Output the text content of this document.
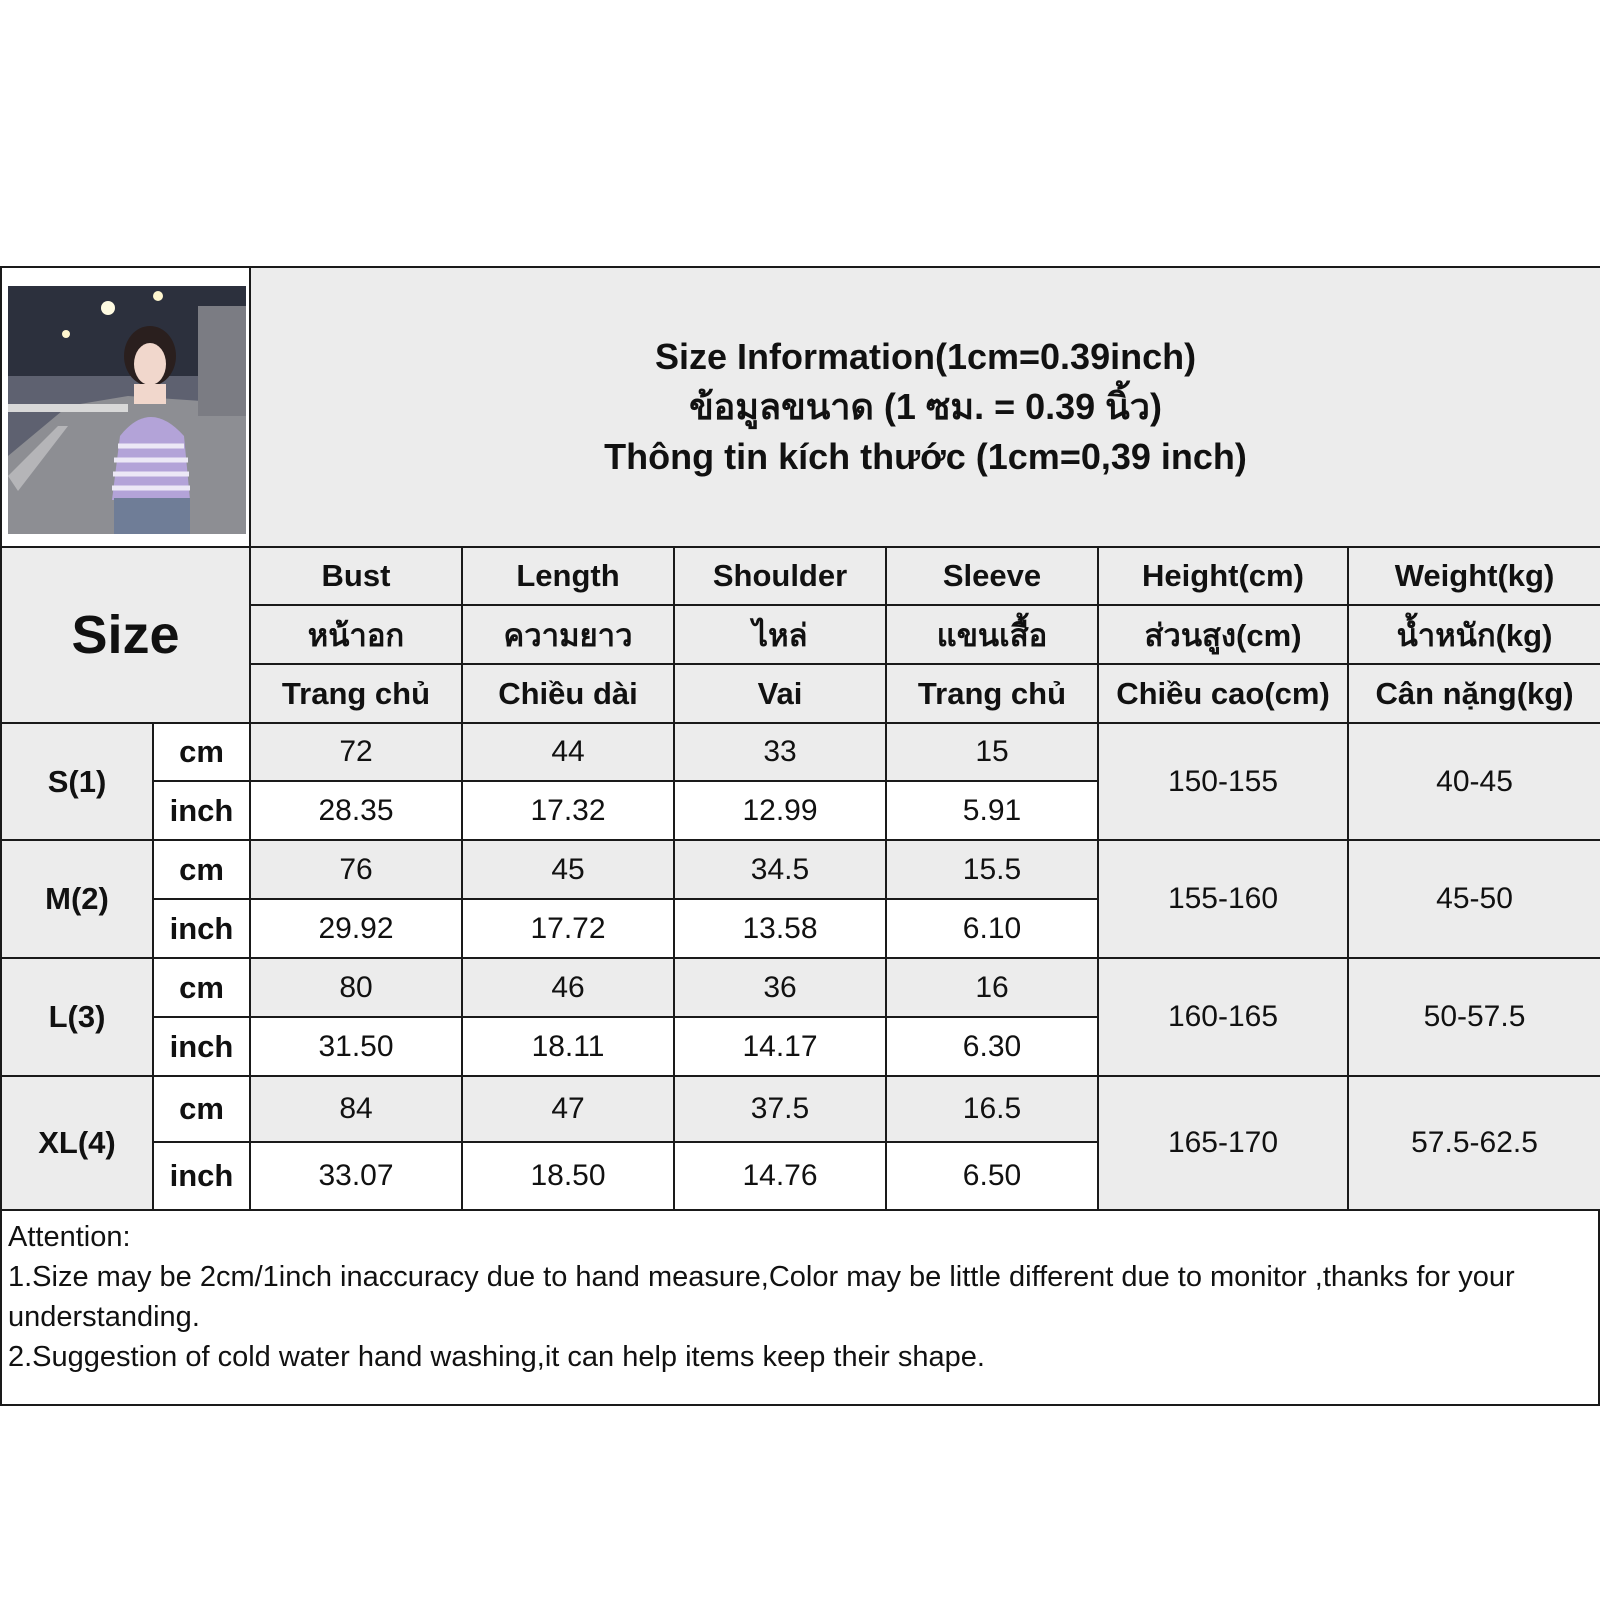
Size Information(1cm=0.39inch)
ข้อมูลขนาด (1 ซม. = 0.39 นิ้ว)
Thông tin kích thước (1cm=0,39 inch)					

Size		Bust	Length	Shoulder	Sleeve	Height(cm)	Weight(kg)
		หน้าอก	ความยาว	ไหล่	แขนเสื้อ	ส่วนสูง(cm)	น้ำหนัก(kg)
		Trang chủ	Chiều dài	Vai	Trang chủ	Chiều cao(cm)	Cân nặng(kg)
S(1)	cm	72	44	33	15	150-155	40-45
	inch	28.35	17.32	12.99	5.91		
M(2)	cm	76	45	34.5	15.5	155-160	45-50
	inch	29.92	17.72	13.58	6.10		
L(3)	cm	80	46	36	16	160-165	50-57.5
	inch	31.50	18.11	14.17	6.30		
XL(4)	cm	84	47	37.5	16.5	165-170	57.5-62.5
	inch	33.07	18.50	14.76	6.50		
Attention:
1.Size may be 2cm/1inch inaccuracy due to hand measure,Color may be little different due to monitor ,thanks for your understanding.
2.Suggestion of cold water hand washing,it can help items keep their shape.
